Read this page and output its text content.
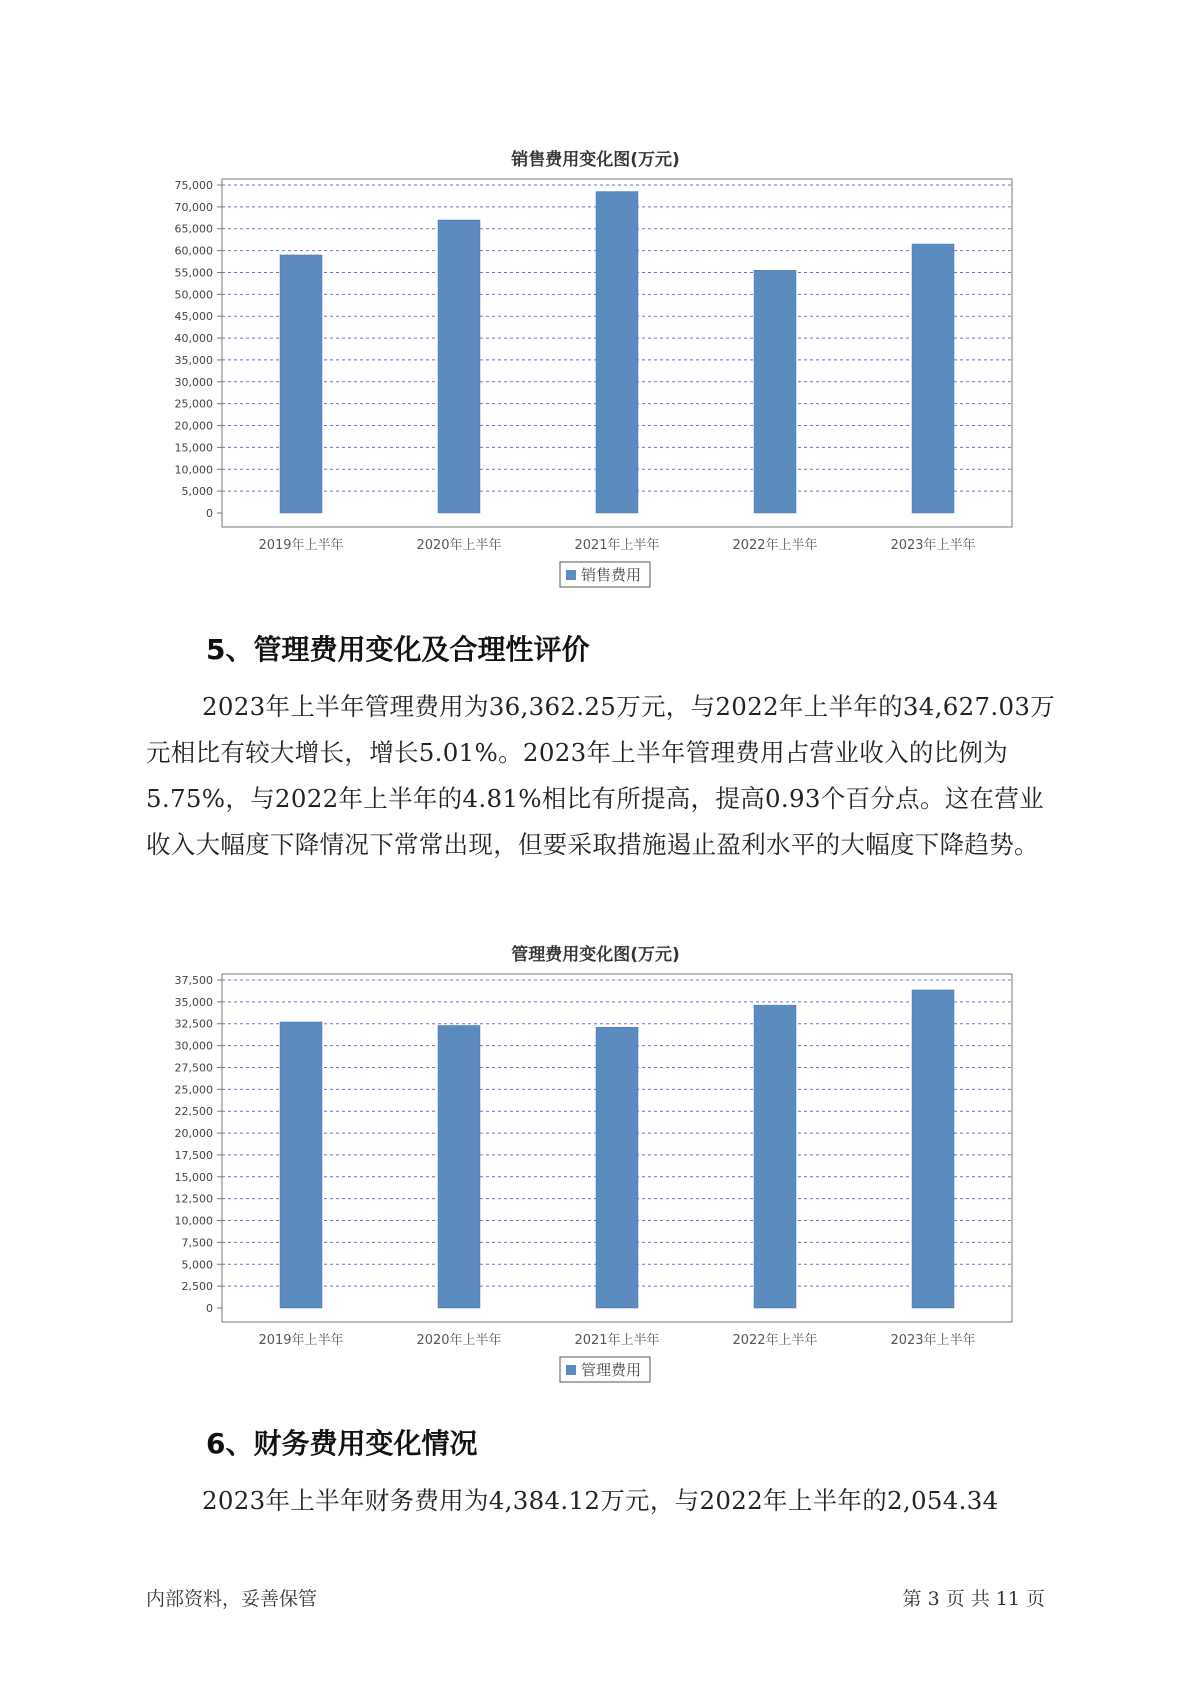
销售费用变化图(万元)
0
5,000
10,000
15,000
20,000
25,000
30,000
35,000
40,000
45,000
50,000
55,000
60,000
65,000
70,000
75,000
2019年上半年	2020年上半年	2021年上半年	2022年上半年	2023年上半年
销售费用
5、管理费用变化及合理性评价
2023年上半年管理费用为36,362.25万元，与2022年上半年的34,627.03万元相比有较大增长，增长5.01%。2023年上半年管理费用占营业收入的比例为5.75%，与2022年上半年的4.81%相比有所提高，提高0.93个百分点。这在营业收入大幅度下降情况下常常出现，但要采取措施遏止盈利水平的大幅度下降趋势。
管理费用变化图(万元)
0
2,500
5,000
7,500
10,000
12,500
15,000
17,500
20,000
22,500
25,000
27,500
30,000
32,500
35,000
37,500
2019年上半年	2020年上半年	2021年上半年	2022年上半年	2023年上半年
管理费用
6、财务费用变化情况
2023年上半年财务费用为4,384.12万元，与2022年上半年的2,054.34
内部资料，妥善保管	第 3 页 共 11 页
